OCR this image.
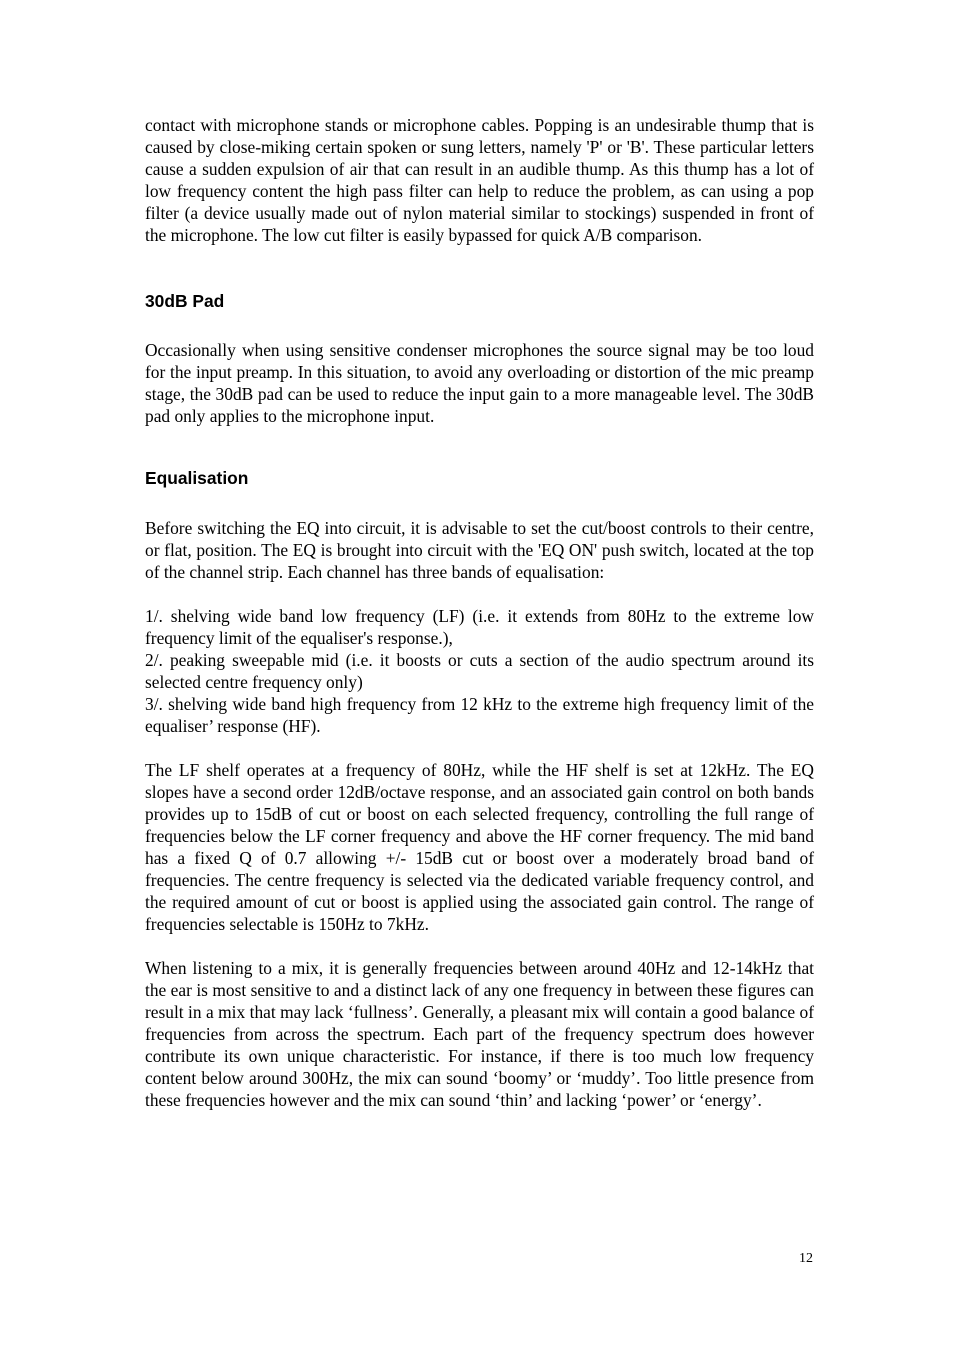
contact with microphone stands or microphone cables. Popping is an undesirable thump that is caused by close-miking certain spoken or sung letters, namely 'P' or 'B'. These particular letters cause a sudden expulsion of air that can result in an audible thump. As this thump has a lot of low frequency content the high pass filter can help to reduce the problem, as can using a pop filter (a device usually made out of nylon material similar to stockings) suspended in front of the microphone. The low cut filter is easily bypassed for quick A/B comparison.

30dB Pad

Occasionally when using sensitive condenser microphones the source signal may be too loud for the input preamp. In this situation, to avoid any overloading or distortion of the mic preamp stage, the 30dB pad can be used to reduce the input gain to a more manageable level. The 30dB pad only applies to the microphone input.

Equalisation

Before switching the EQ into circuit, it is advisable to set the cut/boost controls to their centre, or flat, position. The EQ is brought into circuit with the 'EQ ON' push switch, located at the top of the channel strip. Each channel has three bands of equalisation:

1/. shelving wide band low frequency (LF) (i.e. it extends from 80Hz to the extreme low frequency limit of the equaliser's response.),

2/. peaking sweepable mid (i.e. it boosts or cuts a section of the audio spectrum around its selected centre frequency only)

3/. shelving wide band high frequency from 12 kHz to the extreme high frequency limit of the equaliser’ response (HF).

The LF shelf operates at a frequency of 80Hz, while the HF shelf is set at 12kHz. The EQ slopes have a second order 12dB/octave response, and an associated gain control on both bands provides up to 15dB of cut or boost on each selected frequency, controlling the full range of frequencies below the LF corner frequency and above the HF corner frequency. The mid band has a fixed Q of 0.7 allowing +/- 15dB cut or boost over a moderately broad band of frequencies. The centre frequency is selected via the dedicated variable frequency control, and the required amount of cut or boost is applied using the associated gain control. The range of frequencies selectable is 150Hz to 7kHz.

When listening to a mix, it is generally frequencies between around 40Hz and 12-14kHz that the ear is most sensitive to and a distinct lack of any one frequency in between these figures can result in a mix that may lack ‘fullness’. Generally, a pleasant mix will contain a good balance of frequencies from across the spectrum. Each part of the frequency spectrum does however contribute its own unique characteristic. For instance, if there is too much low frequency content below around 300Hz, the mix can sound ‘boomy’ or ‘muddy’. Too little presence from these frequencies however and the mix can sound ‘thin’ and lacking ‘power’ or ‘energy’.

12
